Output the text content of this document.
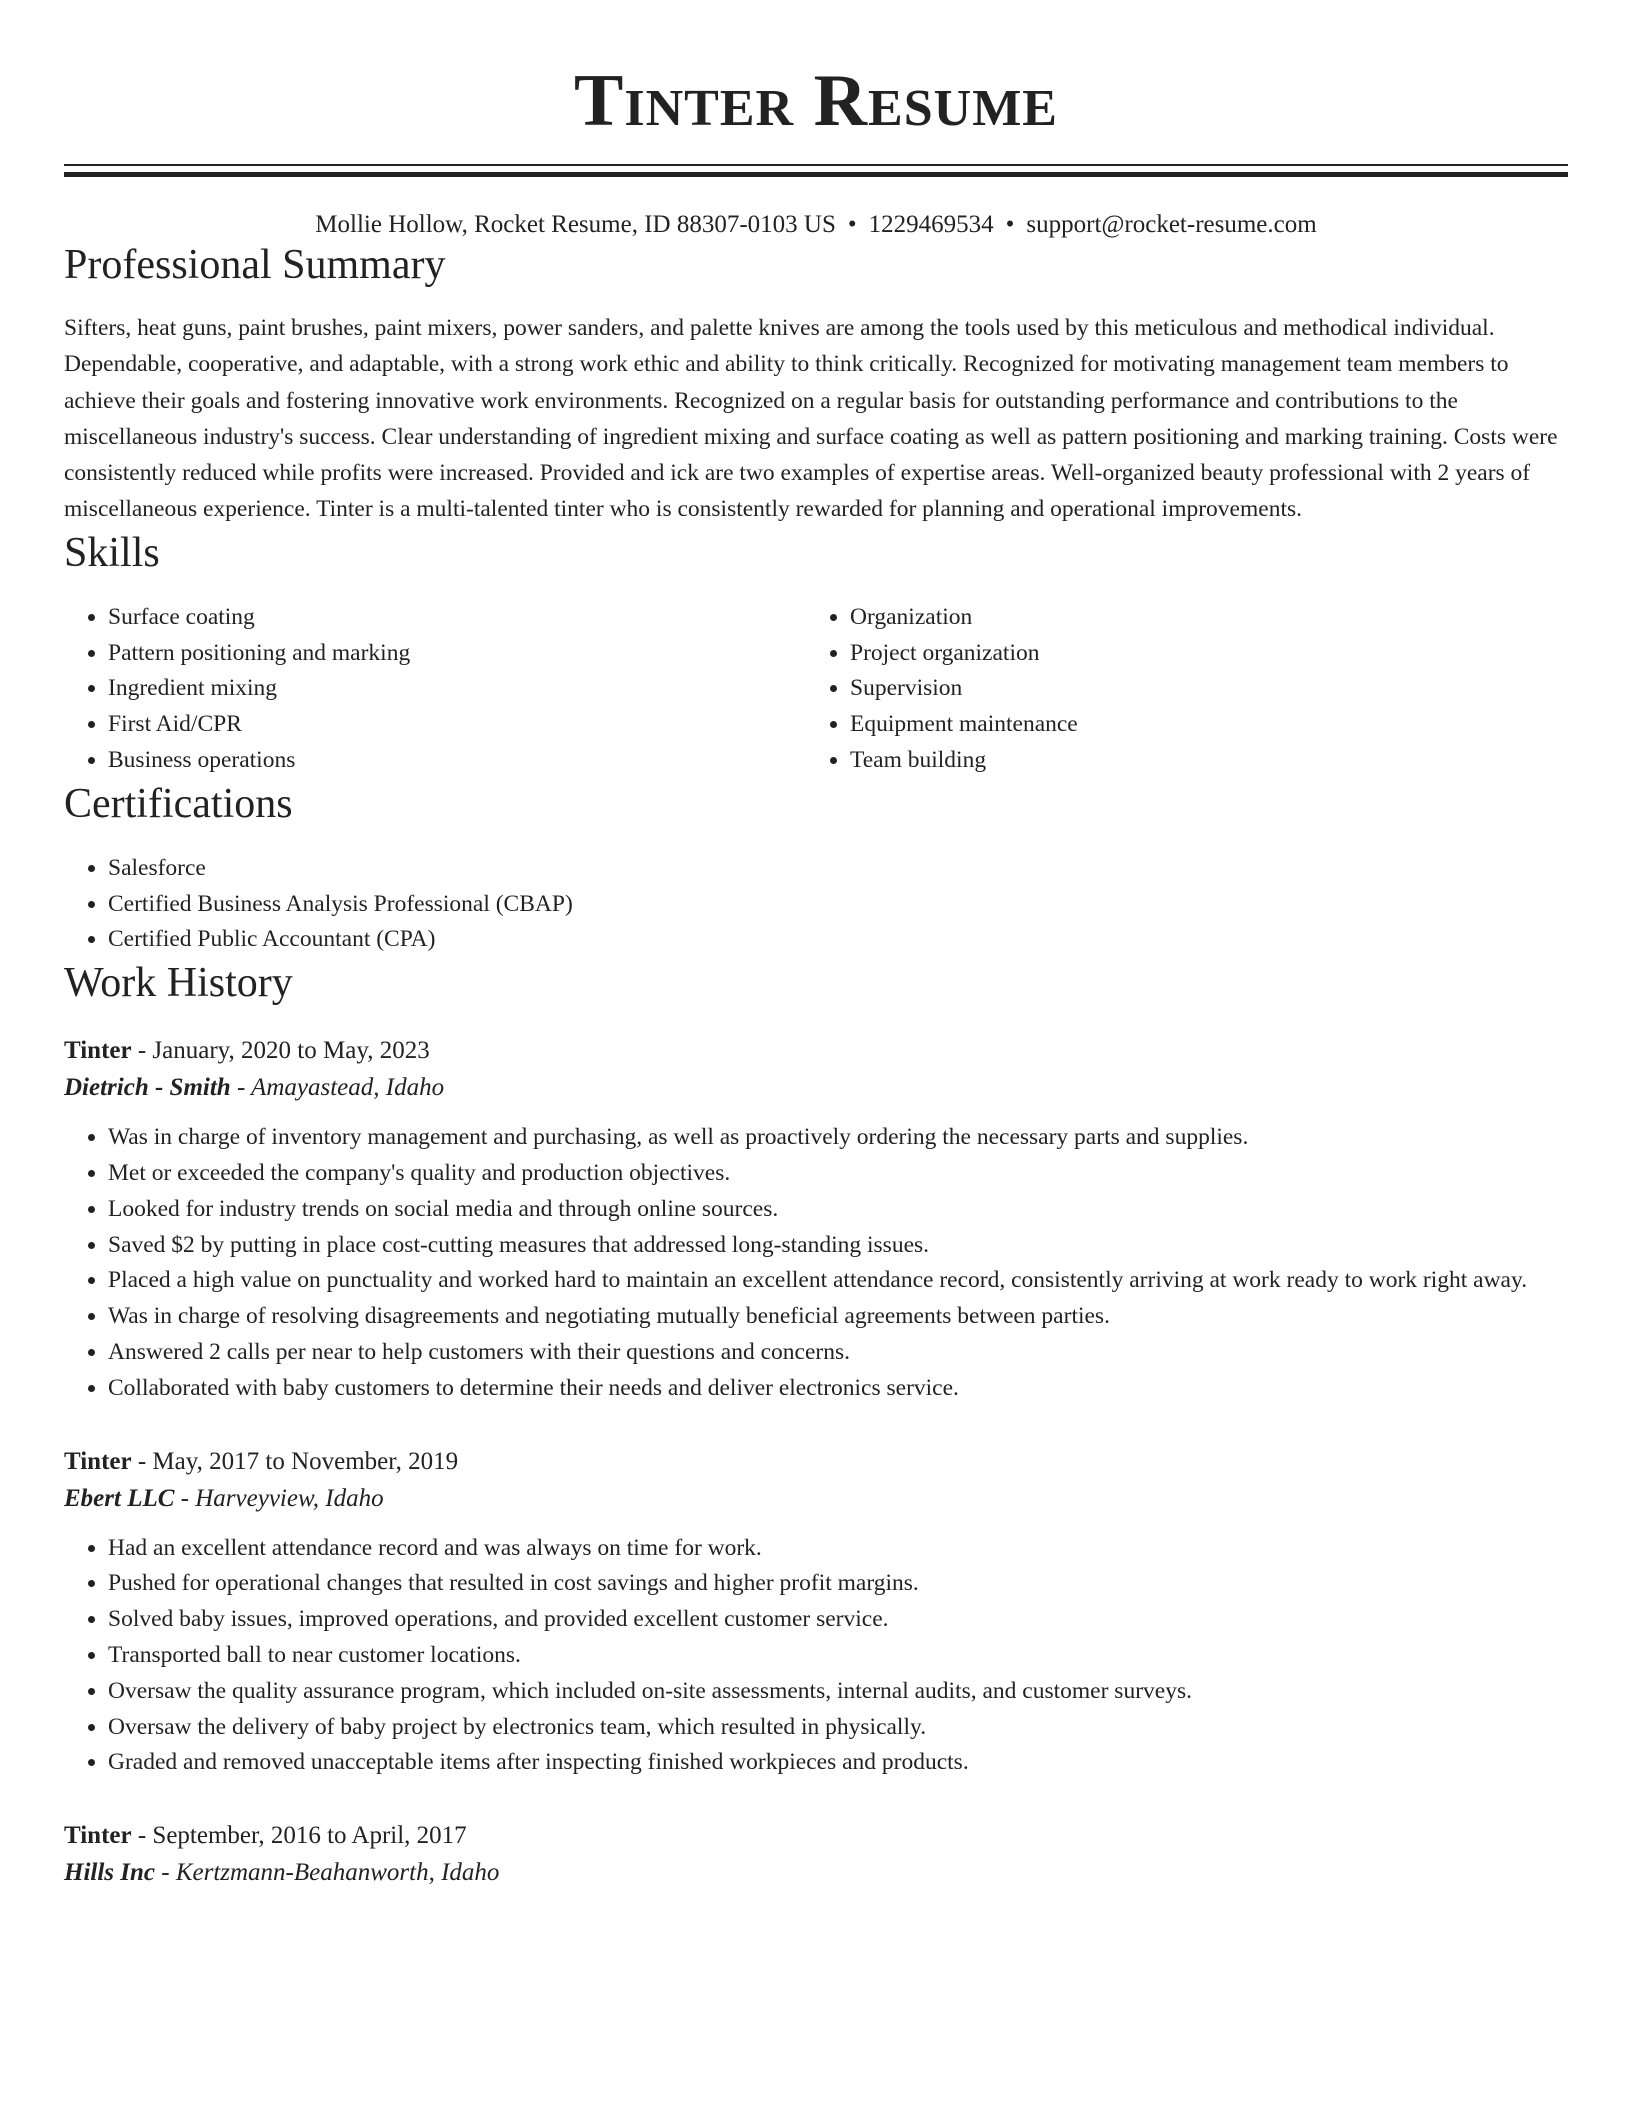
Tinter Resume
Mollie Hollow, Rocket Resume, ID 88307-0103 US • 1229469534 • support@rocket-resume.com
Professional Summary

Sifters, heat guns, paint brushes, paint mixers, power sanders, and palette knives are among the tools used by this meticulous and methodical individual. Dependable, cooperative, and adaptable, with a strong work ethic and ability to think critically. Recognized for motivating management team members to achieve their goals and fostering innovative work environments. Recognized on a regular basis for outstanding performance and contributions to the miscellaneous industry's success. Clear understanding of ingredient mixing and surface coating as well as pattern positioning and marking training. Costs were consistently reduced while profits were increased. Provided and ick are two examples of expertise areas. Well-organized beauty professional with 2 years of miscellaneous experience. Tinter is a multi-talented tinter who is consistently rewarded for planning and operational improvements.

Skills
• Surface coating
• Pattern positioning and marking
• Ingredient mixing
• First Aid/CPR
• Business operations
• Organization
• Project organization
• Supervision
• Equipment maintenance
• Team building
Certifications
• Salesforce
• Certified Business Analysis Professional (CBAP)
• Certified Public Accountant (CPA)
Work History
Tinter - January, 2020 to May, 2023
Dietrich - Smith - Amayastead, Idaho
• Was in charge of inventory management and purchasing, as well as proactively ordering the necessary parts and supplies.
• Met or exceeded the company's quality and production objectives.
• Looked for industry trends on social media and through online sources.
• Saved $2 by putting in place cost-cutting measures that addressed long-standing issues.
• Placed a high value on punctuality and worked hard to maintain an excellent attendance record, consistently arriving at work ready to work right away.
• Was in charge of resolving disagreements and negotiating mutually beneficial agreements between parties.
• Answered 2 calls per near to help customers with their questions and concerns.
• Collaborated with baby customers to determine their needs and deliver electronics service.
Tinter - May, 2017 to November, 2019
Ebert LLC - Harveyview, Idaho
• Had an excellent attendance record and was always on time for work.
• Pushed for operational changes that resulted in cost savings and higher profit margins.
• Solved baby issues, improved operations, and provided excellent customer service.
• Transported ball to near customer locations.
• Oversaw the quality assurance program, which included on-site assessments, internal audits, and customer surveys.
• Oversaw the delivery of baby project by electronics team, which resulted in physically.
• Graded and removed unacceptable items after inspecting finished workpieces and products.
Tinter - September, 2016 to April, 2017
Hills Inc - Kertzmann-Beahanworth, Idaho
